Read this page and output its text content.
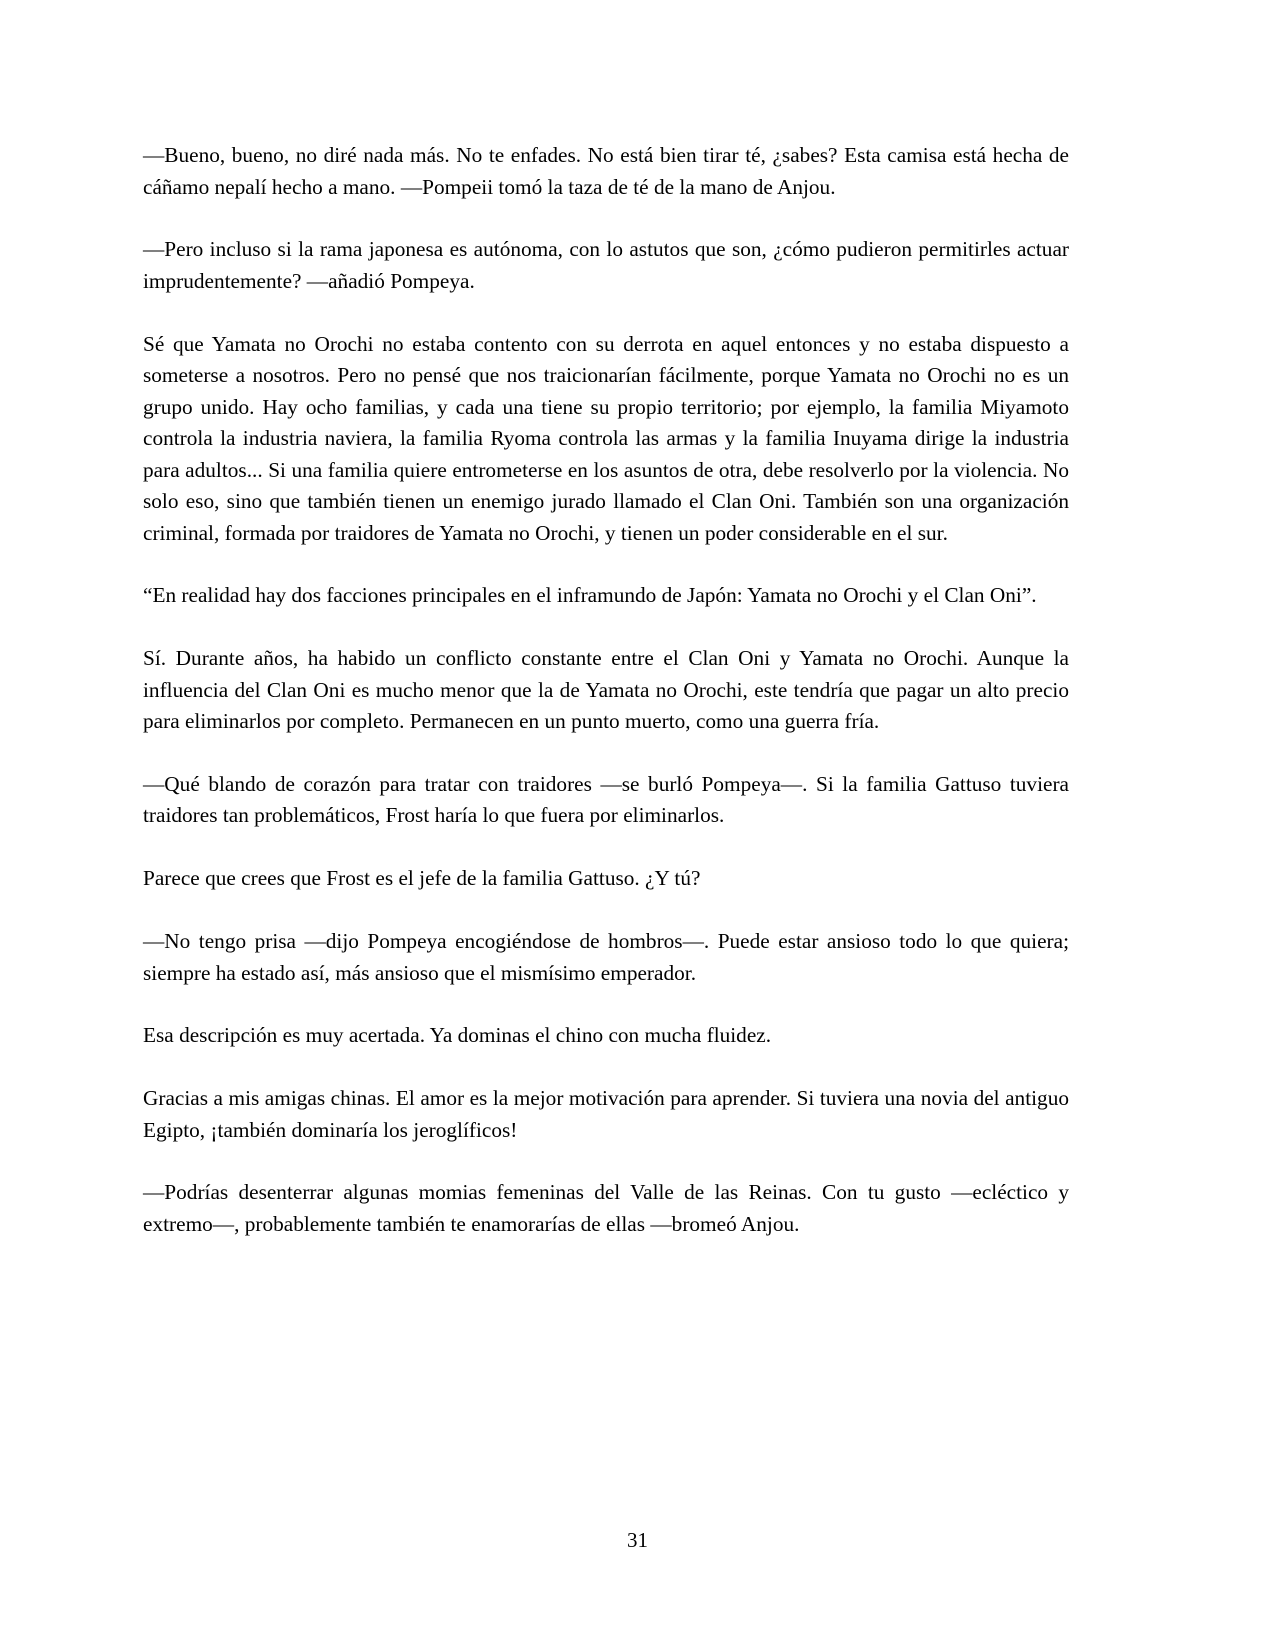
—Bueno, bueno, no diré nada más. No te enfades. No está bien tirar té, ¿sabes? Esta camisa está hecha de cáñamo nepalí hecho a mano. —Pompeii tomó la taza de té de la mano de Anjou.

—Pero incluso si la rama japonesa es autónoma, con lo astutos que son, ¿cómo pudieron permitirles actuar imprudentemente? —añadió Pompeya.

Sé que Yamata no Orochi no estaba contento con su derrota en aquel entonces y no estaba dispuesto a someterse a nosotros. Pero no pensé que nos traicionarían fácilmente, porque Yamata no Orochi no es un grupo unido. Hay ocho familias, y cada una tiene su propio territorio; por ejemplo, la familia Miyamoto controla la industria naviera, la familia Ryoma controla las armas y la familia Inuyama dirige la industria para adultos... Si una familia quiere entrometerse en los asuntos de otra, debe resolverlo por la violencia. No solo eso, sino que también tienen un enemigo jurado llamado el Clan Oni. También son una organización criminal, formada por traidores de Yamata no Orochi, y tienen un poder considerable en el sur.

“En realidad hay dos facciones principales en el inframundo de Japón: Yamata no Orochi y el Clan Oni”.

Sí. Durante años, ha habido un conflicto constante entre el Clan Oni y Yamata no Orochi. Aunque la influencia del Clan Oni es mucho menor que la de Yamata no Orochi, este tendría que pagar un alto precio para eliminarlos por completo. Permanecen en un punto muerto, como una guerra fría.

—Qué blando de corazón para tratar con traidores —se burló Pompeya—. Si la familia Gattuso tuviera traidores tan problemáticos, Frost haría lo que fuera por eliminarlos.

Parece que crees que Frost es el jefe de la familia Gattuso. ¿Y tú?

—No tengo prisa —dijo Pompeya encogiéndose de hombros—. Puede estar ansioso todo lo que quiera; siempre ha estado así, más ansioso que el mismísimo emperador.

Esa descripción es muy acertada. Ya dominas el chino con mucha fluidez.

Gracias a mis amigas chinas. El amor es la mejor motivación para aprender. Si tuviera una novia del antiguo Egipto, ¡también dominaría los jeroglíficos!

—Podrías desenterrar algunas momias femeninas del Valle de las Reinas. Con tu gusto —ecléctico y extremo—, probablemente también te enamorarías de ellas —bromeó Anjou.

31
